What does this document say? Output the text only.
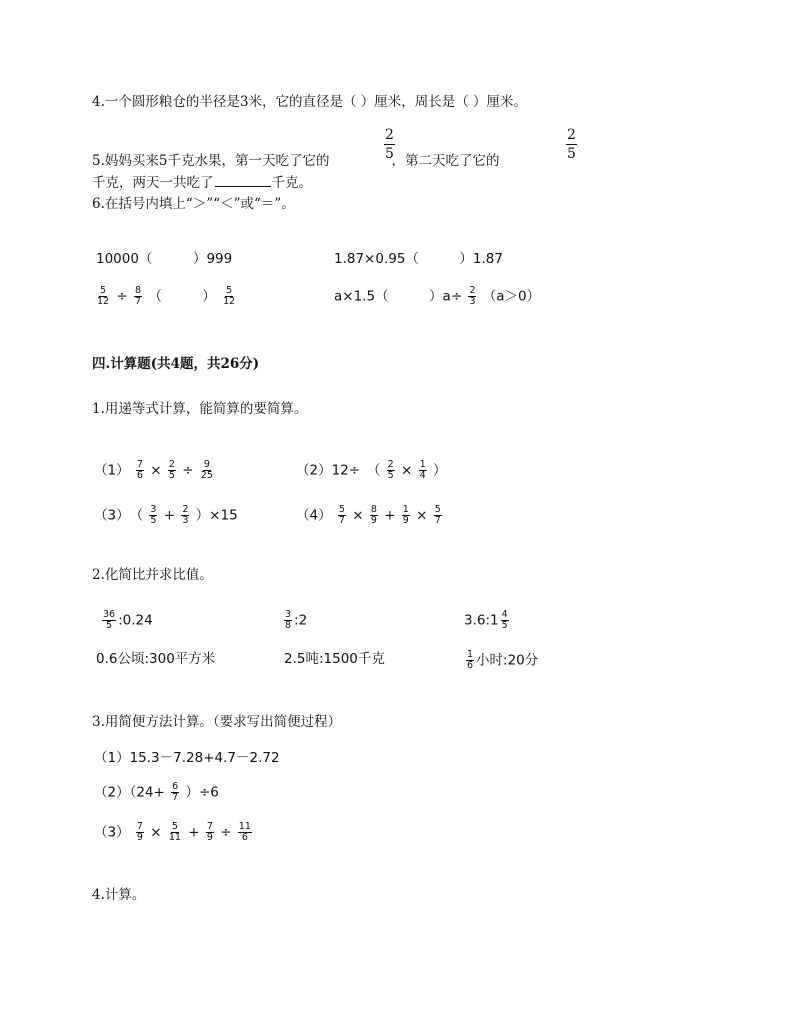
4.一个圆形粮仓的半径是3米，它的直径是（ ）厘米，周长是（ ）厘米。
2
5
2
5
5.妈妈买来5千克水果，第一天吃了它的	，第二天吃了它的
千克，两天一共吃了	千克。
6.在括号内填上“＞”“＜”或“＝”。
10000（　　　）999	1.87×0.95（　　　）1.87
$\frac{5}{12} \div \frac{8}{7}$ （　　　） $\frac{5}{12}$	a×1.5（　　　）$a\div \frac{2}{3} (a>0)$
四.计算题(共4题，共26分)
1.用递等式计算，能简算的要简算。
$(1) \frac{7}{6} \times \frac{2}{5} \div \frac{9}{25}$	（2）12÷　（ $\frac{2}{5} \times \frac{1}{4}$ ）
（3）　（ $\frac{3}{5} + \frac{2}{3} )\times 15$	$(4) \frac{5}{7} \times \frac{8}{9} + \frac{1}{9} \times \frac{5}{7}$
2.化简比并求比值。
$\frac{36}{5}$ :0.24	$\frac{3}{8}$ :2	3.6:1 $\frac{4}{5}$
0.6公顷:300平方米	2.5吨:1500千克	$\frac{1}{6}$ 小时:20分
3.用简便方法计算。（要求写出简便过程）
（1）15.3－7.28+4.7－2.72
$(2)(24+ \frac{6}{7} )\div 6$
$(3) \frac{7}{9} \times \frac{5}{11} + \frac{7}{9} \div \frac{11}{6}$
4.计算。
